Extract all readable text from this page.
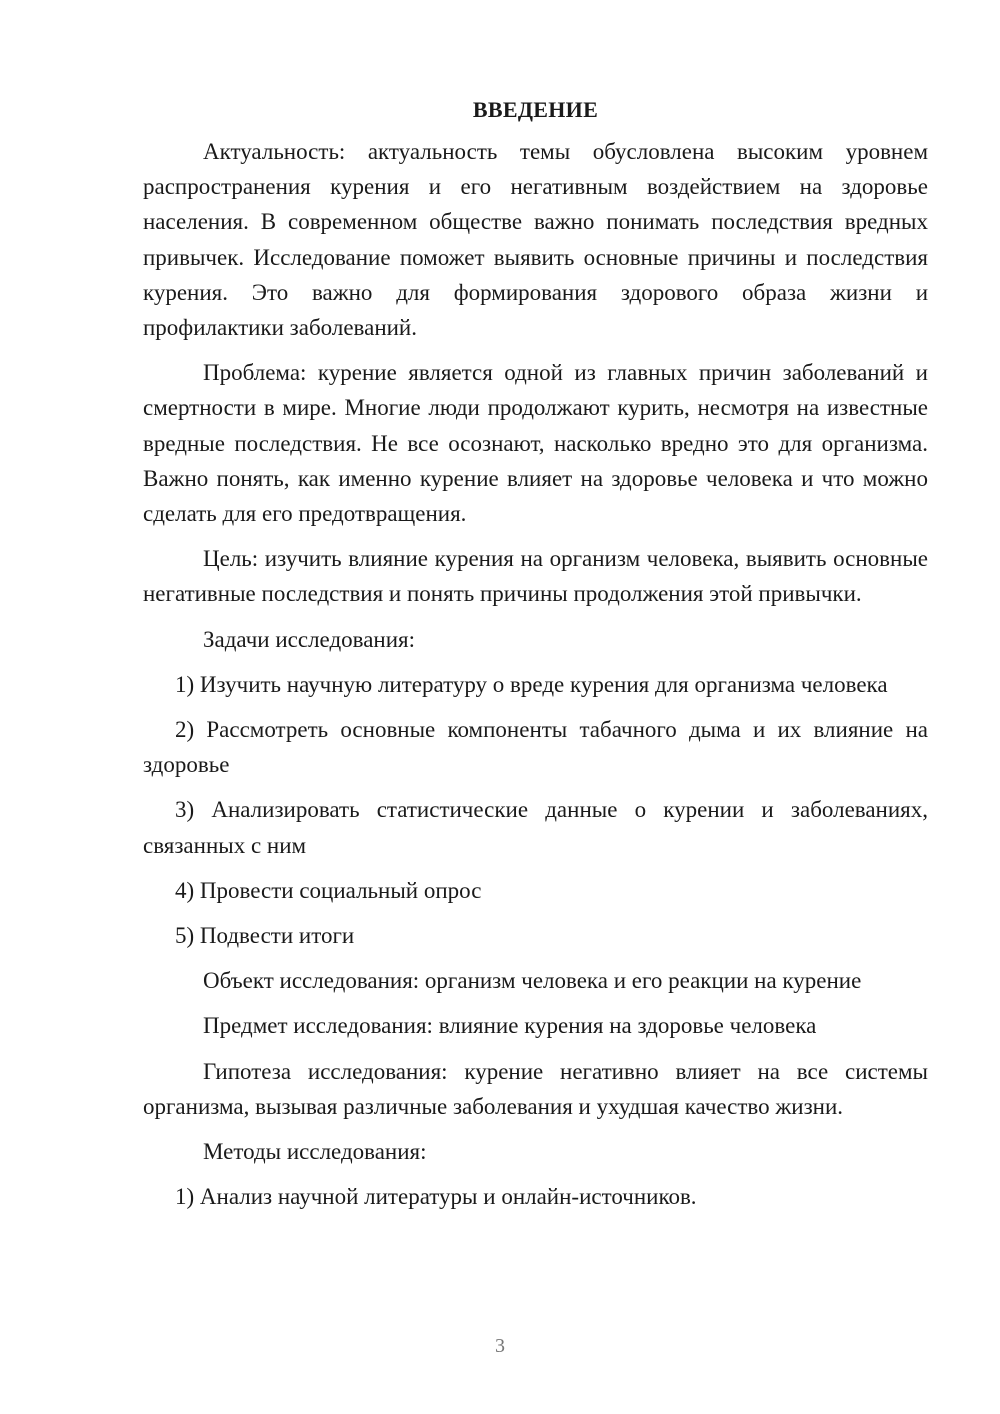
ВВЕДЕНИЕ

Актуальность: актуальность темы обусловлена высоким уровнем распространения курения и его негативным воздействием на здоровье населения. В современном обществе важно понимать последствия вредных привычек. Исследование поможет выявить основные причины и последствия курения. Это важно для формирования здорового образа жизни и профилактики заболеваний.

Проблема: курение является одной из главных причин заболеваний и смертности в мире. Многие люди продолжают курить, несмотря на известные вредные последствия. Не все осознают, насколько вредно это для организма. Важно понять, как именно курение влияет на здоровье человека и что можно сделать для его предотвращения.

Цель: изучить влияние курения на организм человека, выявить основные негативные последствия и понять причины продолжения этой привычки.

Задачи исследования:

1) Изучить научную литературу о вреде курения для организма человека

2) Рассмотреть основные компоненты табачного дыма и их влияние на здоровье

3) Анализировать статистические данные о курении и заболеваниях, связанных с ним

4) Провести социальный опрос

5) Подвести итоги

Объект исследования: организм человека и его реакции на курение

Предмет исследования: влияние курения на здоровье человека

Гипотеза исследования: курение негативно влияет на все системы организма, вызывая различные заболевания и ухудшая качество жизни.

Методы исследования:

1) Анализ научной литературы и онлайн-источников.

3
